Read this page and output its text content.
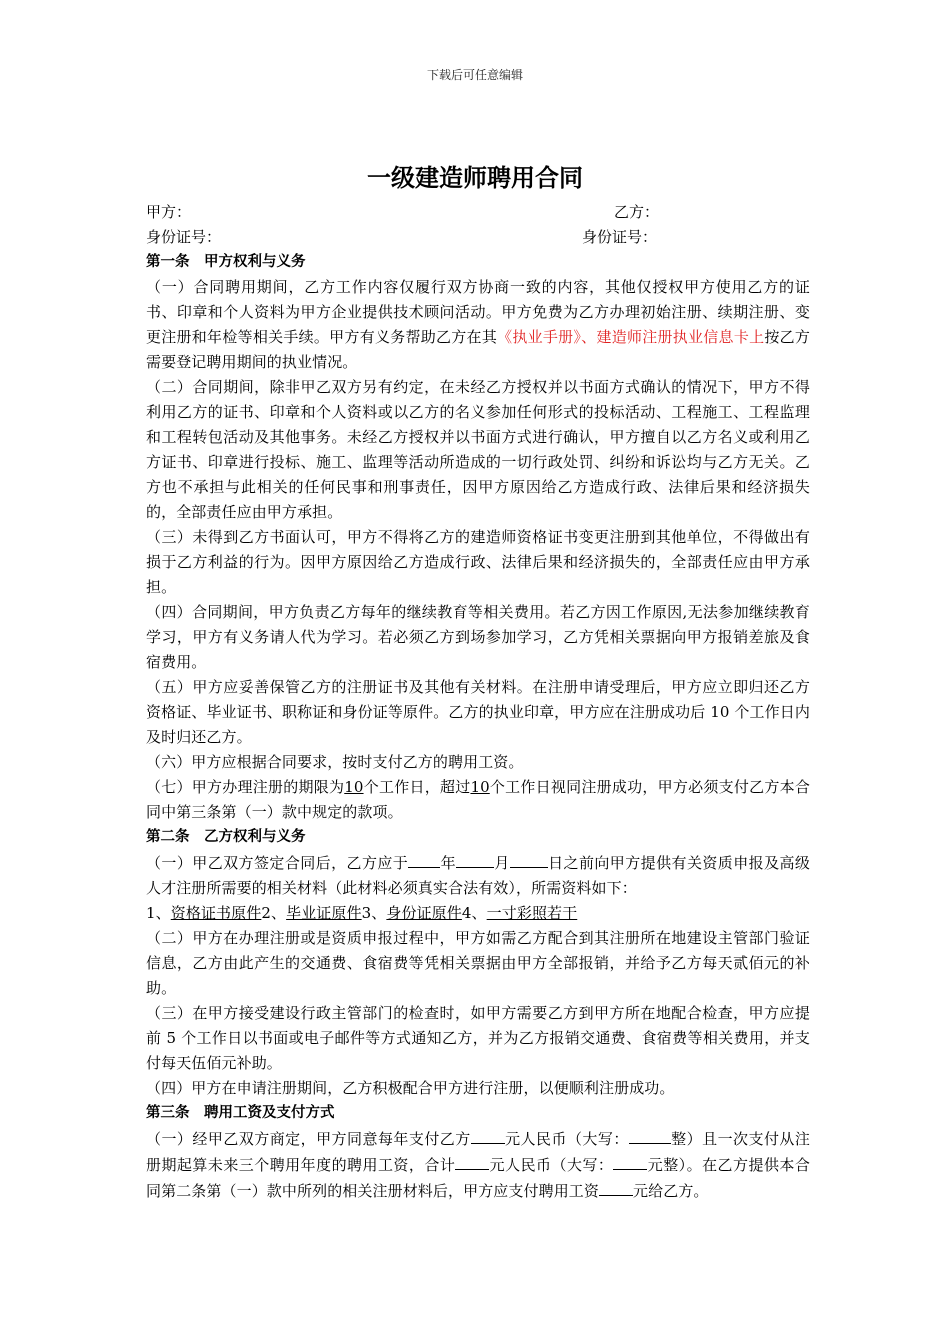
下载后可任意编辑
一级建造师聘用合同
甲方：	乙方：
身份证号：	身份证号：
第一条　甲方权利与义务

（一）合同聘用期间，乙方工作内容仅履行双方协商一致的内容，其他仅授权甲方使用乙方的证书、印章和个人资料为甲方企业提供技术顾问活动。甲方免费为乙方办理初始注册、续期注册、变更注册和年检等相关手续。甲方有义务帮助乙方在其《执业手册》、建造师注册执业信息卡上按乙方需要登记聘用期间的执业情况。

（二）合同期间，除非甲乙双方另有约定，在未经乙方授权并以书面方式确认的情况下，甲方不得利用乙方的证书、印章和个人资料或以乙方的名义参加任何形式的投标活动、工程施工、工程监理和工程转包活动及其他事务。未经乙方授权并以书面方式进行确认，甲方擅自以乙方名义或利用乙方证书、印章进行投标、施工、监理等活动所造成的一切行政处罚、纠纷和诉讼均与乙方无关。乙方也不承担与此相关的任何民事和刑事责任，因甲方原因给乙方造成行政、法律后果和经济损失的，全部责任应由甲方承担。

（三）未得到乙方书面认可，甲方不得将乙方的建造师资格证书变更注册到其他单位，不得做出有损于乙方利益的行为。因甲方原因给乙方造成行政、法律后果和经济损失的，全部责任应由甲方承担。

（四）合同期间，甲方负责乙方每年的继续教育等相关费用。若乙方因工作原因,无法参加继续教育学习，甲方有义务请人代为学习。若必须乙方到场参加学习，乙方凭相关票据向甲方报销差旅及食宿费用。

（五）甲方应妥善保管乙方的注册证书及其他有关材料。在注册申请受理后，甲方应立即归还乙方资格证、毕业证书、职称证和身份证等原件。乙方的执业印章，甲方应在注册成功后 10 个工作日内及时归还乙方。

（六）甲方应根据合同要求，按时支付乙方的聘用工资。

（七）甲方办理注册的期限为10个工作日，超过10个工作日视同注册成功，甲方必须支付乙方本合同中第三条第（一）款中规定的款项。

第二条　乙方权利与义务

（一）甲乙双方签定合同后，乙方应于 年	月	日之前向甲方提供有关资质申报及高级人才注册所需要的相关材料（此材料必须真实合法有效），所需资料如下：

1、资格证书原件2、毕业证原件3、身份证原件4、一寸彩照若干

（二）甲方在办理注册或是资质申报过程中，甲方如需乙方配合到其注册所在地建设主管部门验证信息，乙方由此产生的交通费、食宿费等凭相关票据由甲方全部报销，并给予乙方每天贰佰元的补助。

（三）在甲方接受建设行政主管部门的检查时，如甲方需要乙方到甲方所在地配合检查，甲方应提前 5 个工作日以书面或电子邮件等方式通知乙方，并为乙方报销交通费、食宿费等相关费用，并支付每天伍佰元补助。

（四）甲方在申请注册期间，乙方积极配合甲方进行注册，以便顺利注册成功。

第三条　聘用工资及支付方式

（一）经甲乙双方商定，甲方同意每年支付乙方 元人民币（大写：	整）且一次支付从注册期起算未来三个聘用年度的聘用工资，合计 元人民币（大写： 元整）。在乙方提供本合同第二条第（一）款中所列的相关注册材料后，甲方应支付聘用工资 元给乙方。
